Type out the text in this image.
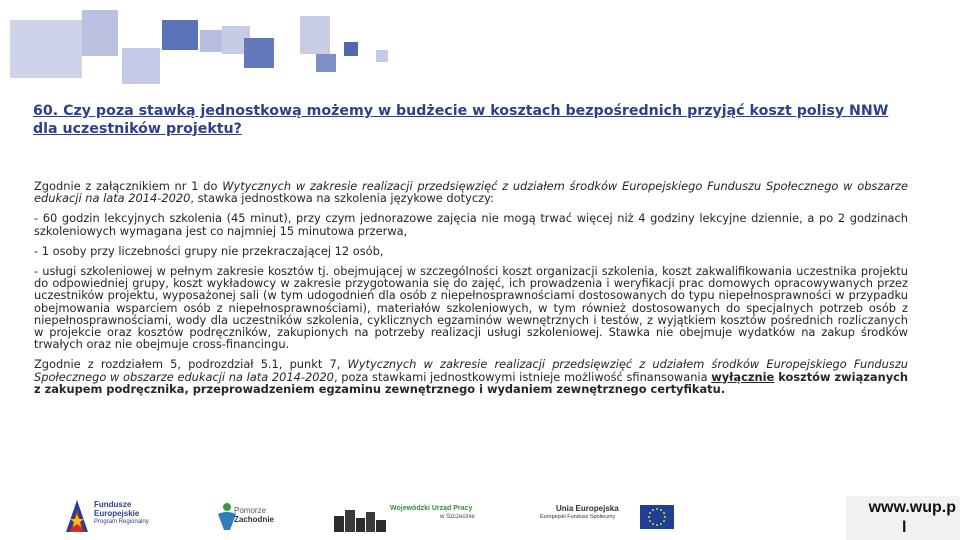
60. Czy poza stawką jednostkową możemy w budżecie w kosztach bezpośrednich przyjąć koszt polisy NNW dla uczestników projektu?

Zgodnie z załącznikiem nr 1 do Wytycznych w zakresie realizacji przedsięwzięć z udziałem środków Europejskiego Funduszu Społecznego w obszarze edukacji na lata 2014-2020, stawka jednostkowa na szkolenia językowe dotyczy:

- 60 godzin lekcyjnych szkolenia (45 minut), przy czym jednorazowe zajęcia nie mogą trwać więcej niż 4 godziny lekcyjne dziennie, a po 2 godzinach szkoleniowych wymagana jest co najmniej 15 minutowa przerwa,

- 1 osoby przy liczebności grupy nie przekraczającej 12 osób,

- usługi szkoleniowej w pełnym zakresie kosztów tj. obejmującej w szczególności koszt organizacji szkolenia, koszt zakwalifikowania uczestnika projektu do odpowiedniej grupy, koszt wykładowcy w zakresie przygotowania się do zajęć, ich prowadzenia i weryfikacji prac domowych opracowywanych przez uczestników projektu, wyposażonej sali (w tym udogodnień dla osób z niepełnosprawnościami dostosowanych do typu niepełnosprawności w przypadku obejmowania wsparciem osób z niepełnosprawnościami), materiałów szkoleniowych, w tym również dostosowanych do specjalnych potrzeb osób z niepełnosprawnościami, wody dla uczestników szkolenia, cyklicznych egzaminów wewnętrznych i testów, z wyjątkiem kosztów pośrednich rozliczanych w projekcie oraz kosztów podręczników, zakupionych na potrzeby realizacji usługi szkoleniowej. Stawka nie obejmuje wydatków na zakup środków trwałych oraz nie obejmuje cross-financingu.

Zgodnie z rozdziałem 5, podrozdział 5.1, punkt 7, Wytycznych w zakresie realizacji przedsięwzięć z udziałem środków Europejskiego Funduszu Społecznego w obszarze edukacji na lata 2014-2020, poza stawkami jednostkowymi istnieje możliwość sfinansowania wyłącznie kosztów związanych z zakupem podręcznika, przeprowadzeniem egzaminu zewnętrznego i wydaniem zewnętrznego certyfikatu.

Fundusze
Europejskie
Program Regionalny
Pomorze
Zachodnie
Wojewódzki Urząd Pracy
w Szczecinie
Unia Europejska
Europejski Fundusz Społeczny
www.wup.p
l
